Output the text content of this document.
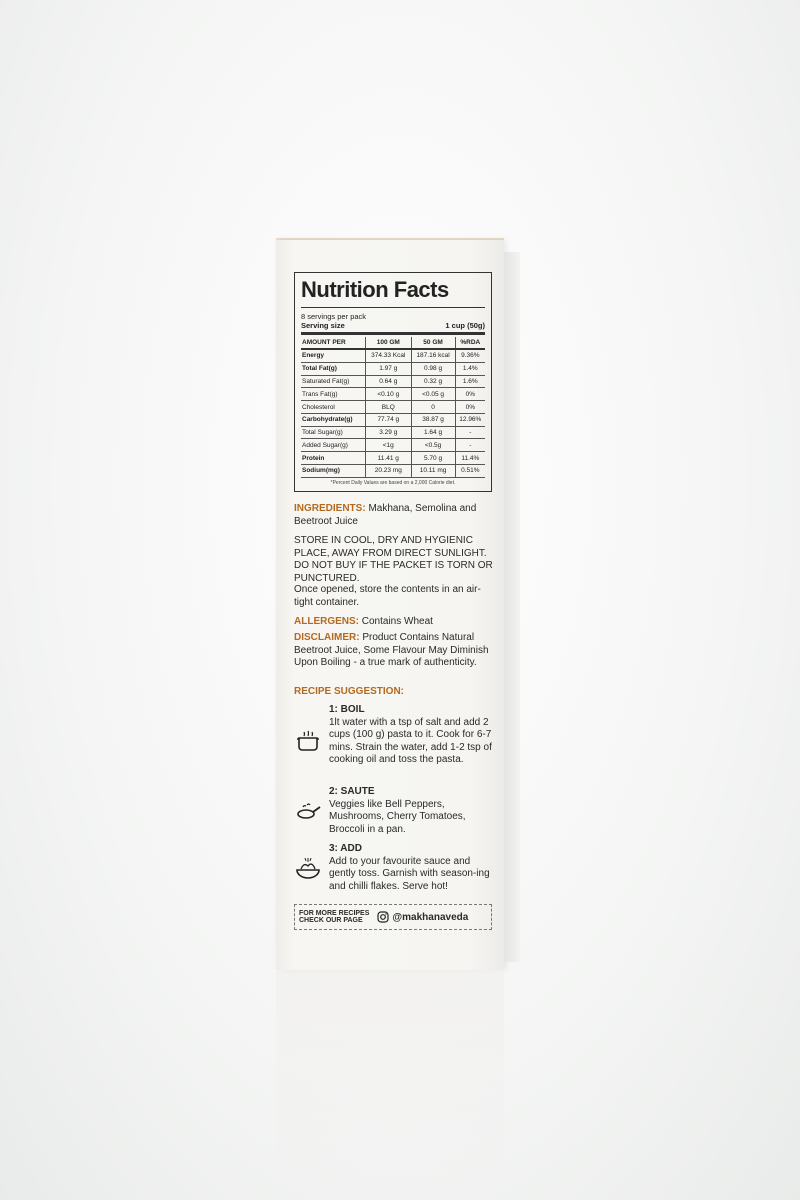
Nutrition Facts
8 servings per pack
Serving size	1 cup (50g)
AMOUNT PER	100 GM	50 GM	%RDA
Energy	374.33 Kcal	187.16 kcal	9.36%
Total Fat(g)	1.97 g	0.98 g	1.4%
Saturated Fat(g)	0.64 g	0.32 g	1.6%
Trans Fat(g)	<0.10 g	<0.05 g	0%
Cholesterol	BLQ	0	0%
Carbohydrate(g)	77.74 g	38.87 g	12.96%
Total Sugar(g)	3.29 g	1.64 g	-
Added Sugar(g)	<1g	<0.5g	-
Protein	11.41 g	5.70 g	11.4%
Sodium(mg)	20.23 mg	10.11 mg	0.51%
*Percent Daily Values are based on a 2,000 Calorie diet.
INGREDIENTS: Makhana, Semolina and Beetroot Juice
STORE IN COOL, DRY AND HYGIENIC PLACE, AWAY FROM DIRECT SUNLIGHT. DO NOT BUY IF THE PACKET IS TORN OR PUNCTURED.
Once opened, store the contents in an air-tight container.
ALLERGENS: Contains Wheat
DISCLAIMER: Product Contains Natural Beetroot Juice, Some Flavour May Diminish Upon Boiling - a true mark of authenticity.
RECIPE SUGGESTION:
1: BOIL
1lt water with a tsp of salt and add 2 cups (100 g) pasta to it. Cook for 6-7 mins. Strain the water, add 1-2 tsp of cooking oil and toss the pasta.
2: SAUTE
Veggies like Bell Peppers, Mushrooms, Cherry Tomatoes, Broccoli in a pan.
3: ADD
Add to your favourite sauce and gently toss. Garnish with season-ing and chilli flakes. Serve hot!
FOR MORE RECIPES
CHECK OUR PAGE	@makhanaveda
